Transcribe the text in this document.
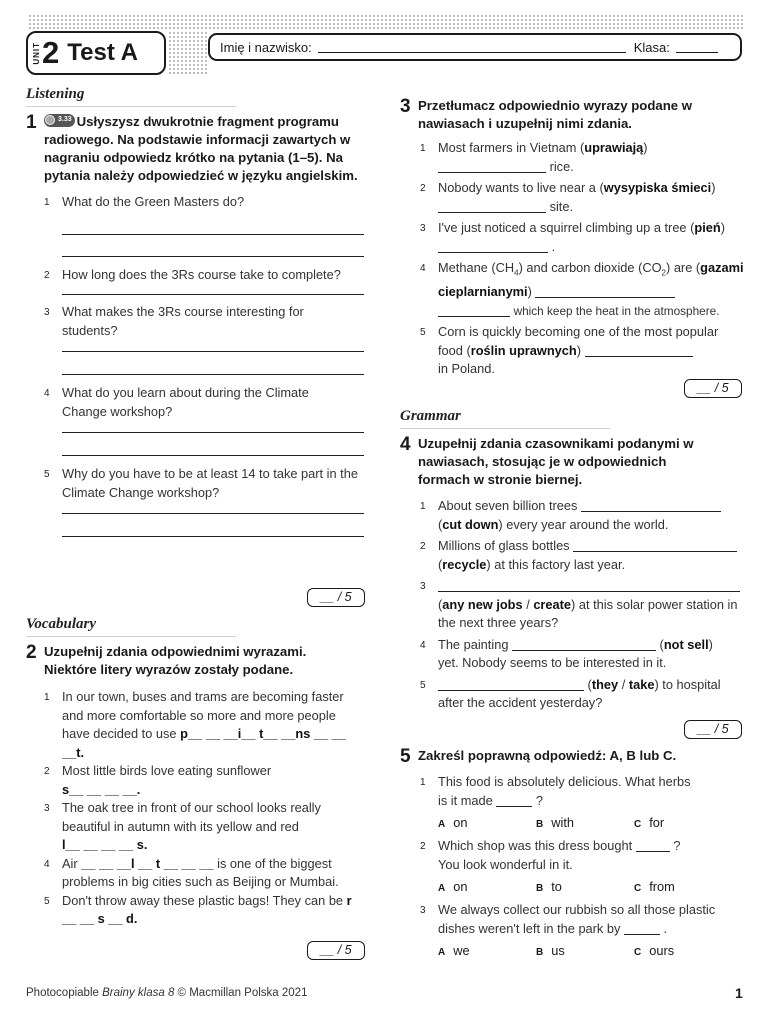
UNIT 2 Test A	Imię i nazwisko:	Klasa:
Listening
1	3.33 Usłyszysz dwukrotnie fragment programu radiowego. Na podstawie informacji zawartych w nagraniu odpowiedz krótko na pytania (1–5). Na pytania należy odpowiedzieć w języku angielskim.
1 What do the Green Masters do?
2 How long does the 3Rs course take to complete?
3 What makes the 3Rs course interesting for students?
4 What do you learn about during the Climate Change workshop?
5 Why do you have to be at least 14 to take part in the Climate Change workshop?
__ / 5
Vocabulary
2 Uzupełnij zdania odpowiednimi wyrazami. Niektóre litery wyrazów zostały podane.
1 In our town, buses and trams are becoming faster and more comfortable so more and more people have decided to use p__ __ __i__ t__ __ns __ __ __t.
2 Most little birds love eating sunflower
s__ __ __ __.
3 The oak tree in front of our school looks really beautiful in autumn with its yellow and red
l__ __ __ __ s.
4 Air __ __ __l __ t __ __ __ is one of the biggest problems in big cities such as Beijing or Mumbai.
5 Don't throw away these plastic bags! They can be r __ __ s __ d.
__ / 5
3 Przetłumacz odpowiednio wyrazy podane w nawiasach i uzupełnij nimi zdania.
1 Most farmers in Vietnam (uprawiają)
rice.
2 Nobody wants to live near a (wysypiska śmieci)
site.
3 I've just noticed a squirrel climbing up a tree (pień)  .
4 Methane $(CH_4)$ and carbon dioxide $(CO_2)$ are (gazami cieplarnianymi)
which keep the heat in the atmosphere.
5 Corn is quickly becoming one of the most popular food (roślin uprawnych)
in Poland.
__ / 5
Grammar
4 Uzupełnij zdania czasownikami podanymi w nawiasach, stosując je w odpowiednich formach w stronie biernej.
1 About seven billion trees
(cut down) every year around the world.
2 Millions of glass bottles
(recycle) at this factory last year.
3

(any new jobs / create) at this solar power station in the next three years?
4 The painting	(not sell)
yet. Nobody seems to be interested in it.
5	(they / take) to hospital after the accident yesterday?
__ / 5
5 Zakreśl poprawną odpowiedź: A, B lub C.
1 This food is absolutely delicious. What herbs
is it made	?
A on	B with	C for
2 Which shop was this dress bought	?
You look wonderful in it.
A on	B to	C from
3 We always collect our rubbish so all those plastic
dishes weren't left in the park by	.
A we	B us	C ours
Photocopiable Brainy klasa 8 © Macmillan Polska 2021	1
